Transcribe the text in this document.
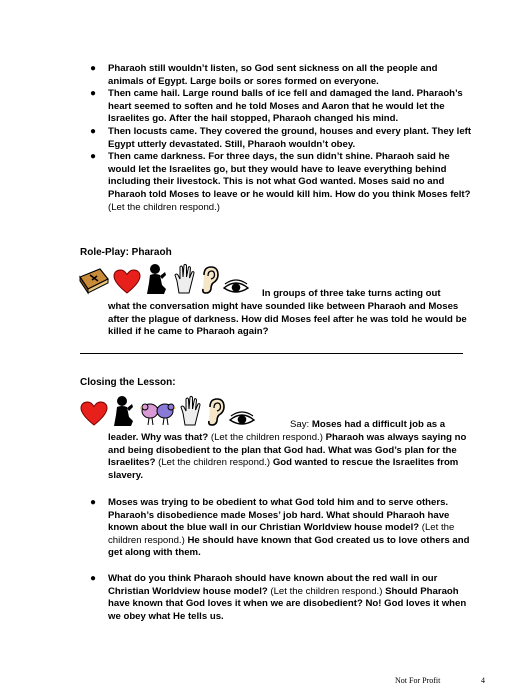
● Pharaoh still wouldn’t listen, so God sent sickness on all the people and animals of Egypt. Large boils or sores formed on everyone.
● Then came hail. Large round balls of ice fell and damaged the land. Pharaoh’s heart seemed to soften and he told Moses and Aaron that he would let the Israelites go. After the hail stopped, Pharaoh changed his mind.
● Then locusts came. They covered the ground, houses and every plant. They left Egypt utterly devastated. Still, Pharaoh wouldn’t obey.
● Then came darkness. For three days, the sun didn’t shine. Pharaoh said he would let the Israelites go, but they would have to leave everything behind including their livestock. This is not what God wanted. Moses said no and Pharaoh told Moses to leave or he would kill him. How do you think Moses felt? (Let the children respond.)
Role-Play: Pharaoh
In groups of three take turns acting out
what the conversation might have sounded like between Pharaoh and Moses after the plague of darkness. How did Moses feel after he was told he would be killed if he came to Pharaoh again?
Closing the Lesson:
Say: Moses had a difficult job as a
leader. Why was that? (Let the children respond.) Pharaoh was always saying no and being disobedient to the plan that God had. What was God’s plan for the Israelites? (Let the children respond.) God wanted to rescue the Israelites from slavery.
● Moses was trying to be obedient to what God told him and to serve others. Pharaoh’s disobedience made Moses’ job hard. What should Pharaoh have known about the blue wall in our Christian Worldview house model? (Let the children respond.) He should have known that God created us to love others and get along with them.
● What do you think Pharaoh should have known about the red wall in our Christian Worldview house model? (Let the children respond.) Should Pharaoh have known that God loves it when we are disobedient? No! God loves it when we obey what He tells us.
Not For Profit	4
